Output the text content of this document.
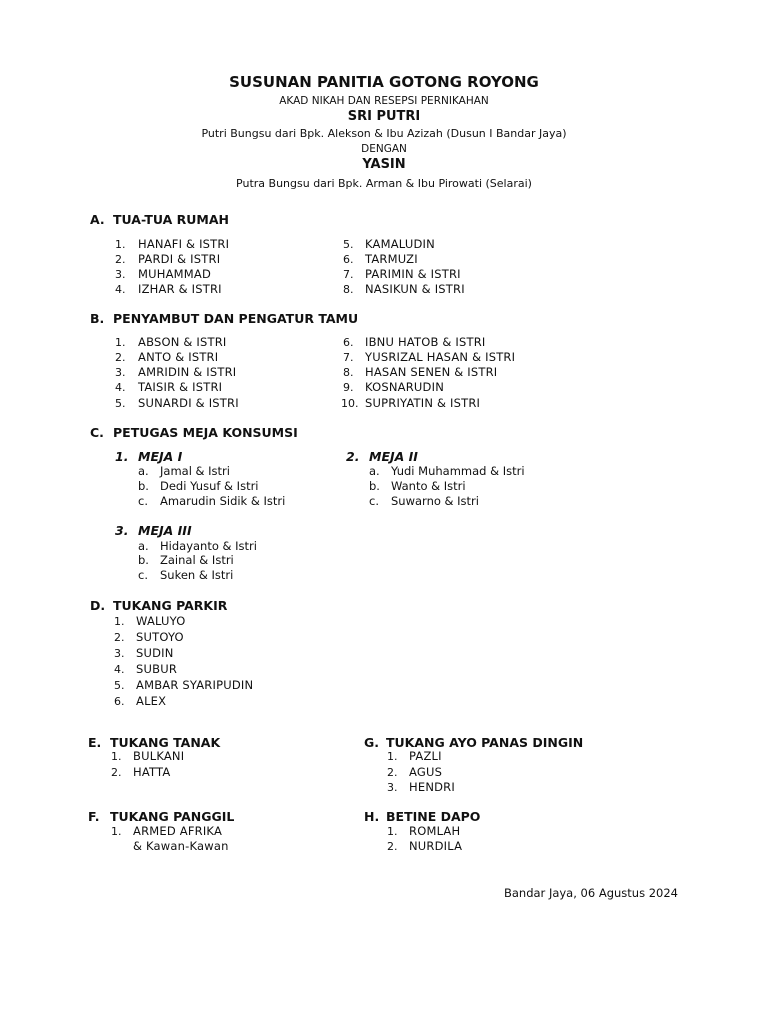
SUSUNAN PANITIA GOTONG ROYONG
AKAD NIKAH DAN RESEPSI PERNIKAHAN
SRI PUTRI
Putri Bungsu dari Bpk. Alekson & Ibu Azizah (Dusun I Bandar Jaya)
DENGAN
YASIN
Putra Bungsu dari Bpk. Arman & Ibu Pirowati (Selarai)
A. TUA-TUA RUMAH
1. HANAFI & ISTRI
2. PARDI & ISTRI
3. MUHAMMAD
4. IZHAR & ISTRI
5. KAMALUDIN
6. TARMUZI
7. PARIMIN & ISTRI
8. NASIKUN & ISTRI
B. PENYAMBUT DAN PENGATUR TAMU
1. ABSON & ISTRI
2. ANTO & ISTRI
3. AMRIDIN & ISTRI
4. TAISIR & ISTRI
5. SUNARDI & ISTRI
6. IBNU HATOB & ISTRI
7. YUSRIZAL HASAN & ISTRI
8. HASAN SENEN & ISTRI
9. KOSNARUDIN
10. SUPRIYATIN & ISTRI
C. PETUGAS MEJA KONSUMSI
1. MEJA I
a. Jamal & Istri
b. Dedi Yusuf & Istri
c. Amarudin Sidik & Istri
2. MEJA II
a. Yudi Muhammad & Istri
b. Wanto & Istri
c. Suwarno & Istri
3. MEJA III
a. Hidayanto & Istri
b. Zainal & Istri
c. Suken & Istri
D. TUKANG PARKIR
1. WALUYO
2. SUTOYO
3. SUDIN
4. SUBUR
5. AMBAR SYARIPUDIN
6. ALEX
E. TUKANG TANAK
1. BULKANI
2. HATTA
F. TUKANG PANGGIL
1. ARMED AFRIKA
& Kawan-Kawan
G. TUKANG AYO PANAS DINGIN
1. PAZLI
2. AGUS
3. HENDRI
H. BETINE DAPO
1. ROMLAH
2. NURDILA
Bandar Jaya, 06 Agustus 2024
